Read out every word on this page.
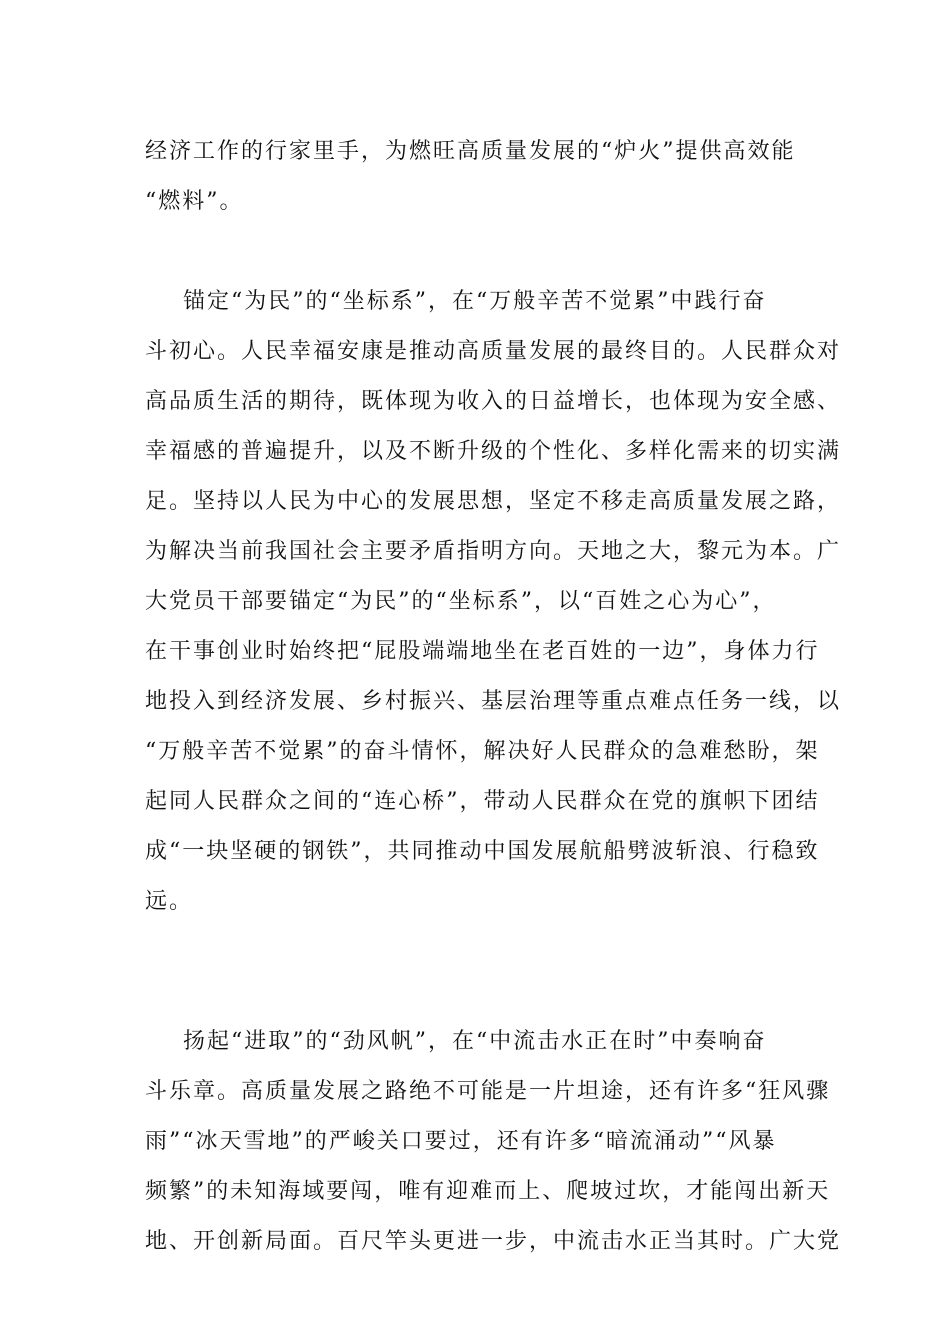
经济工作的行家里手，为燃旺高质量发展的“炉火”提供高效能
“燃料”。
锚定“为民”的“坐标系”，在“万般辛苦不觉累”中践行奋
斗初心。人民幸福安康是推动高质量发展的最终目的。人民群众对
高品质生活的期待，既体现为收入的日益增长，也体现为安全感、
幸福感的普遍提升，以及不断升级的个性化、多样化需来的切实满
足。坚持以人民为中心的发展思想，坚定不移走高质量发展之路，
为解决当前我国社会主要矛盾指明方向。天地之大，黎元为本。广
大党员干部要锚定“为民”的“坐标系”，以“百姓之心为心”，
在干事创业时始终把“屁股端端地坐在老百姓的一边”，身体力行
地投入到经济发展、乡村振兴、基层治理等重点难点任务一线，以
“万般辛苦不觉累”的奋斗情怀，解决好人民群众的急难愁盼，架
起同人民群众之间的“连心桥”，带动人民群众在党的旗帜下团结
成“一块坚硬的钢铁”，共同推动中国发展航船劈波斩浪、行稳致
远。
扬起“进取”的“劲风帆”，在“中流击水正在时”中奏响奋
斗乐章。高质量发展之路绝不可能是一片坦途，还有许多“狂风骤
雨”“冰天雪地”的严峻关口要过，还有许多“暗流涌动”“风暴
频繁”的未知海域要闯，唯有迎难而上、爬坡过坎，才能闯出新天
地、开创新局面。百尺竿头更进一步，中流击水正当其时。广大党
